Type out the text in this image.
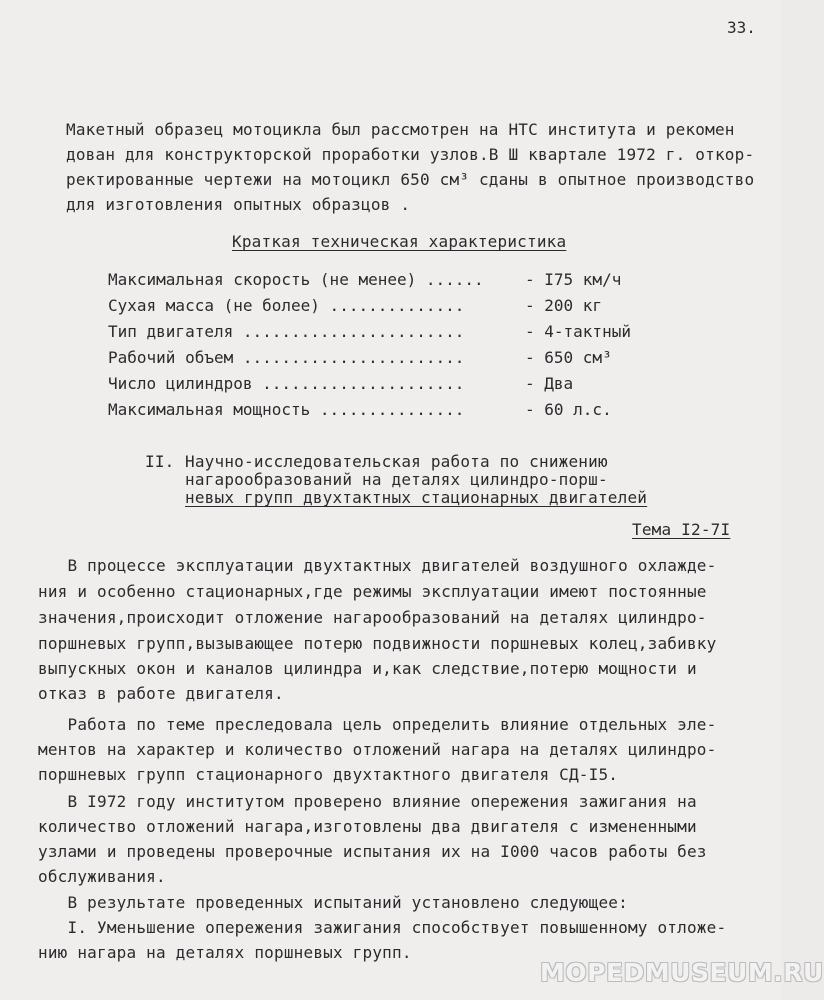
33.
Макетный образец мотоцикла был рассмотрен на НТС института и рекомен
дован для конструкторской проработки узлов.В Ш квартале 1972 г. откор-
ректированные чертежи на мотоцикл 650 см³ сданы в опытное производство
для изготовления опытных образцов .
Краткая техническая характеристика
Максимальная скорость (не менее) ......	- I75 км/ч
Сухая масса (не более) ..............	- 200 кг
Тип двигателя .......................	- 4-тактный
Рабочий объем .......................	- 650 см³
Число цилиндров .....................	- Два
Максимальная мощность ...............	- 60 л.с.
II. Научно-исследовательская работа по снижению
нагарообразований на деталях цилиндро-порш-
невых групп двухтактных стационарных двигателей
Тема I2-7I
В процессе эксплуатации двухтактных двигателей воздушного охлажде-
ния и особенно стационарных,где режимы эксплуатации имеют постоянные
значения,происходит отложение нагарообразований на деталях цилиндро-
поршневых групп,вызывающее потерю подвижности поршневых колец,забивку
выпускных окон и каналов цилиндра и,как следствие,потерю мощности и
отказ в работе двигателя.
Работа по теме преследовала цель определить влияние отдельных эле-
ментов на характер и количество отложений нагара на деталях цилиндро-
поршневых групп стационарного двухтактного двигателя СД-I5.
В I972 году институтом проверено влияние опережения зажигания на
количество отложений нагара,изготовлены два двигателя с измененными
узлами и проведены проверочные испытания их на I000 часов работы без
обслуживания.
В результате проведенных испытаний установлено следующее:
I. Уменьшение опережения зажигания способствует повышенному отложе-
нию нагара на деталях поршневых групп.
MOPEDMUSEUM.RU
